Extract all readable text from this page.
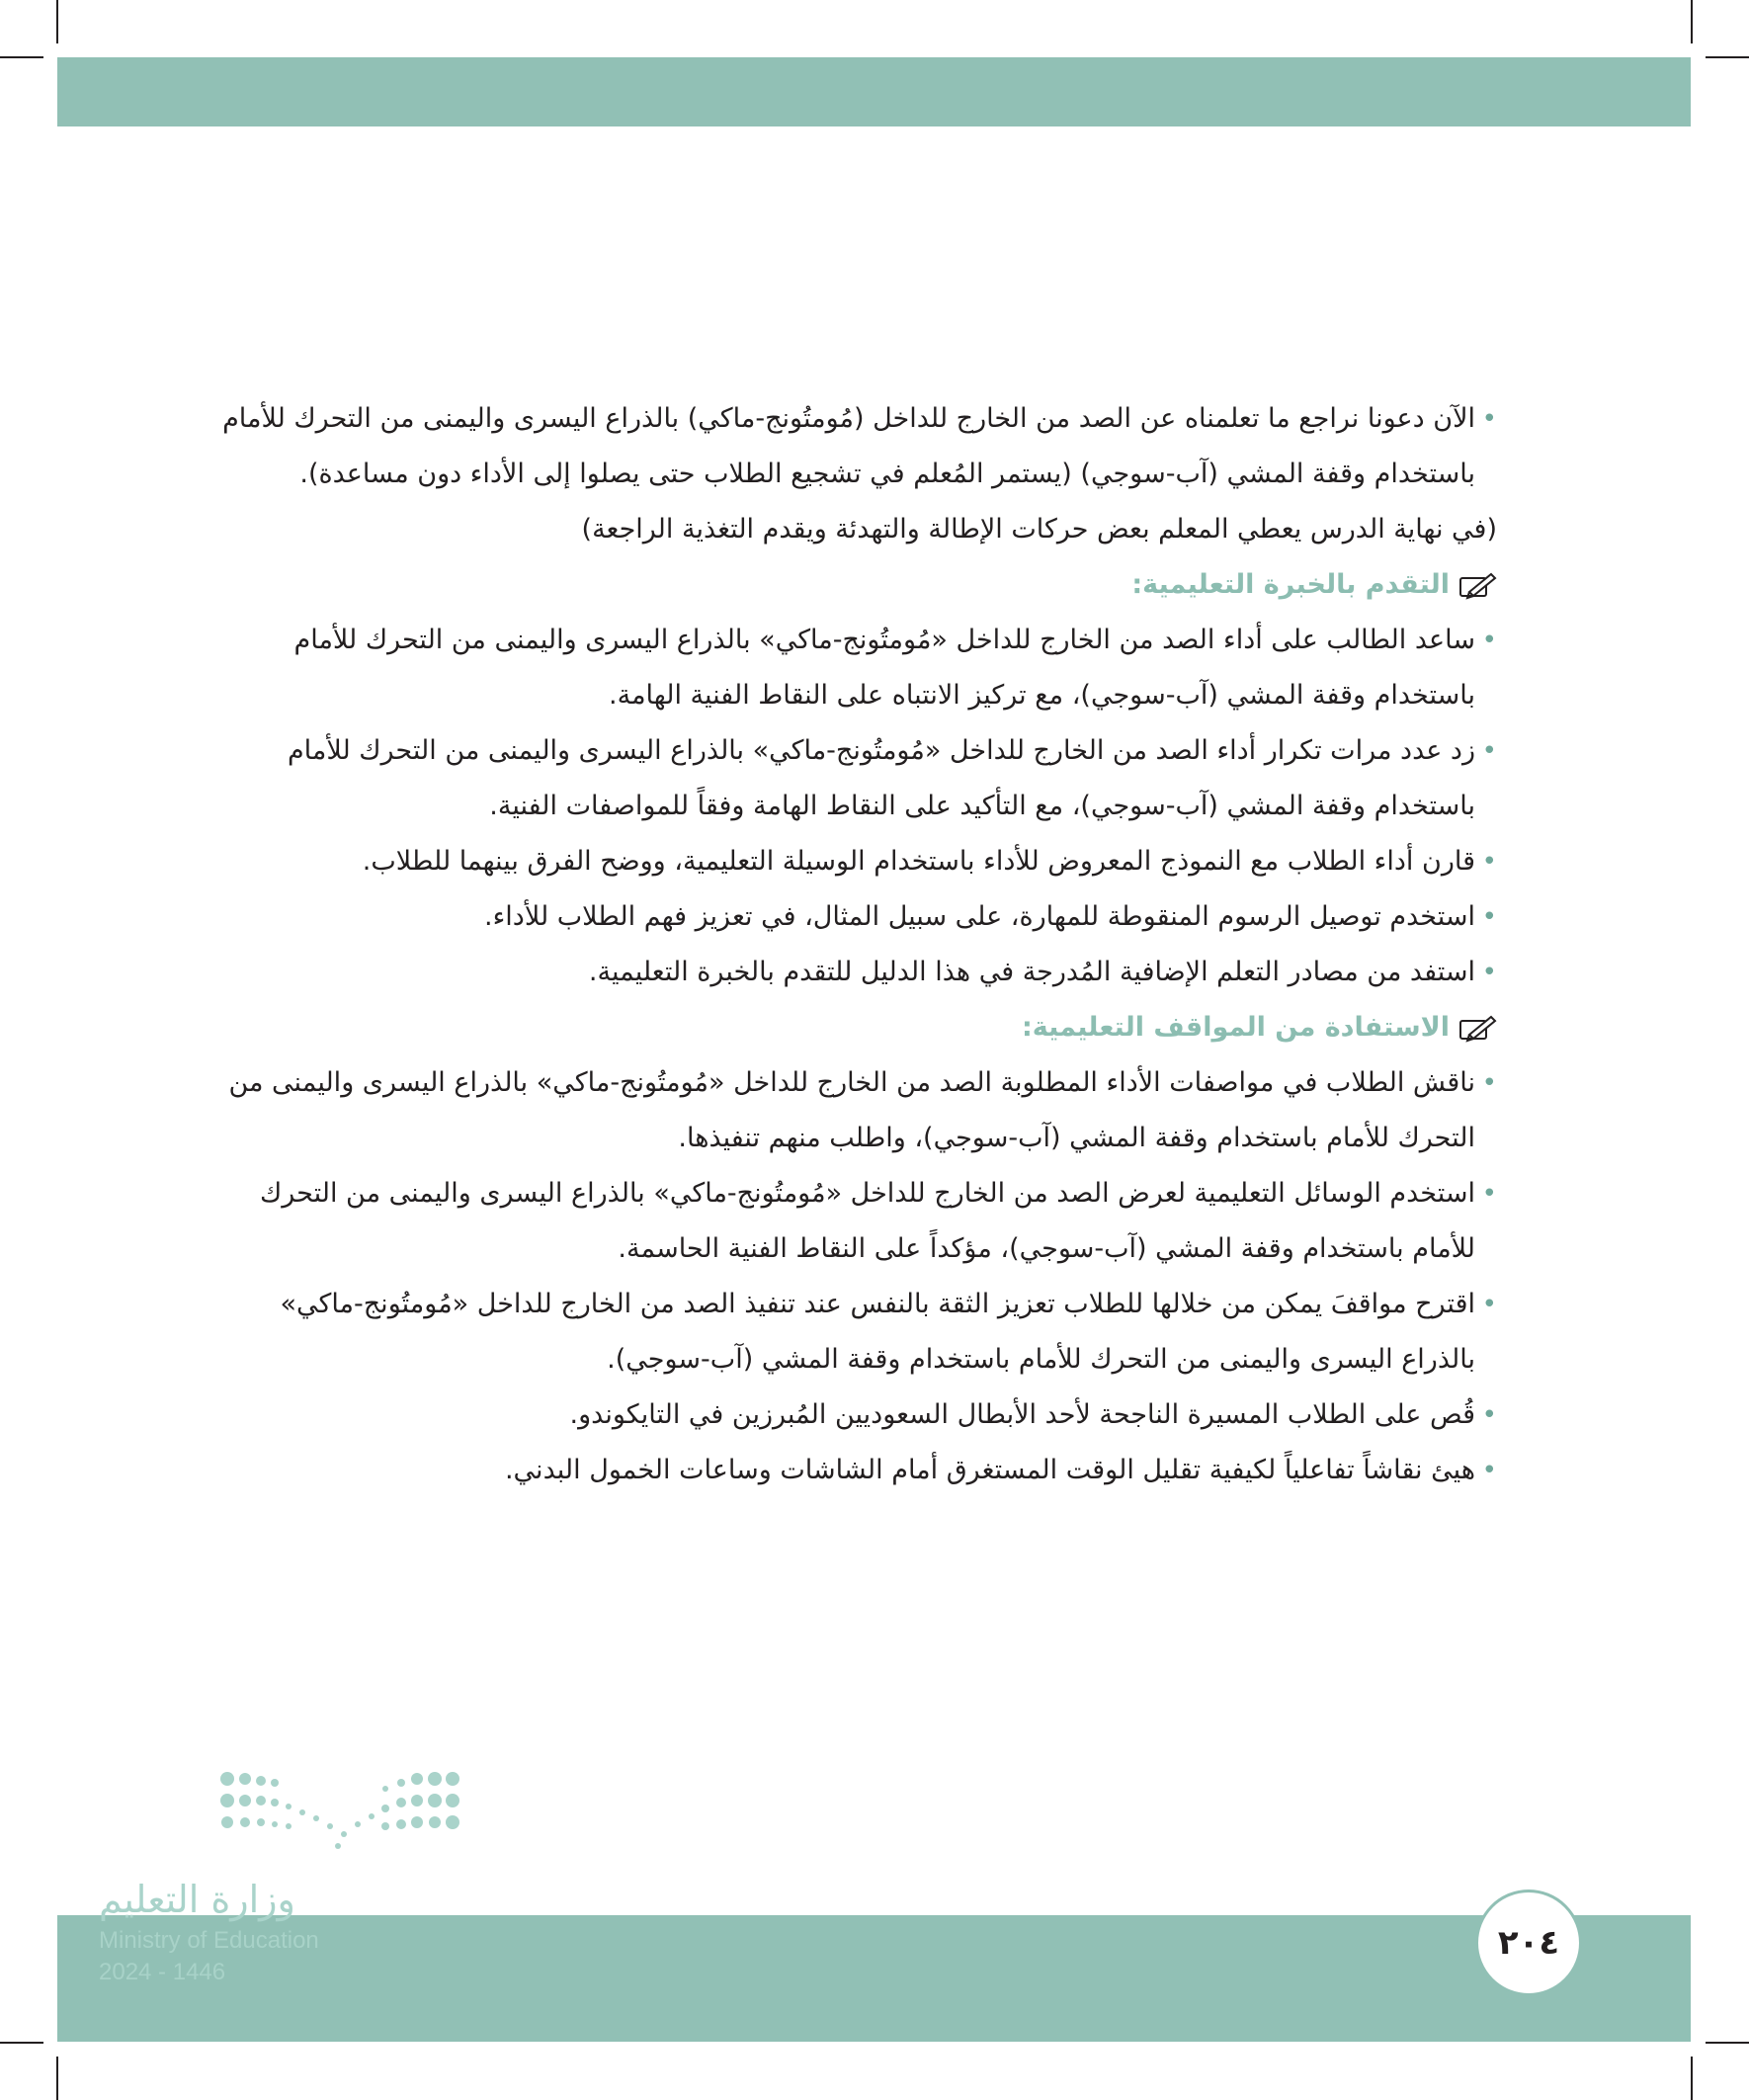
• الآن دعونا نراجع ما تعلمناه عن الصد من الخارج للداخل (مُومتُونج-ماكي) بالذراع اليسرى واليمنى من التحرك للأمام باستخدام وقفة المشي (آب-سوجي) (يستمر المُعلم في تشجيع الطلاب حتى يصلوا إلى الأداء دون مساعدة).

(في نهاية الدرس يعطي المعلم بعض حركات الإطالة والتهدئة ويقدم التغذية الراجعة)

التقدم بالخبرة التعليمية:

• ساعد الطالب على أداء الصد من الخارج للداخل «مُومتُونج-ماكي» بالذراع اليسرى واليمنى من التحرك للأمام باستخدام وقفة المشي (آب-سوجي)، مع تركيز الانتباه على النقاط الفنية الهامة.

• زد عدد مرات تكرار أداء الصد من الخارج للداخل «مُومتُونج-ماكي» بالذراع اليسرى واليمنى من التحرك للأمام باستخدام وقفة المشي (آب-سوجي)، مع التأكيد على النقاط الهامة وفقاً للمواصفات الفنية.

• قارن أداء الطلاب مع النموذج المعروض للأداء باستخدام الوسيلة التعليمية، ووضح الفرق بينهما للطلاب.

• استخدم توصيل الرسوم المنقوطة للمهارة، على سبيل المثال، في تعزيز فهم الطلاب للأداء.

• استفد من مصادر التعلم الإضافية المُدرجة في هذا الدليل للتقدم بالخبرة التعليمية.

الاستفادة من المواقف التعليمية:

• ناقش الطلاب في مواصفات الأداء المطلوبة الصد من الخارج للداخل «مُومتُونج-ماكي» بالذراع اليسرى واليمنى من التحرك للأمام باستخدام وقفة المشي (آب-سوجي)، واطلب منهم تنفيذها.

• استخدم الوسائل التعليمية لعرض الصد من الخارج للداخل «مُومتُونج-ماكي» بالذراع اليسرى واليمنى من التحرك للأمام باستخدام وقفة المشي (آب-سوجي)، مؤكداً على النقاط الفنية الحاسمة.

• اقترح مواقفَ يمكن من خلالها للطلاب تعزيز الثقة بالنفس عند تنفيذ الصد من الخارج للداخل «مُومتُونج-ماكي» بالذراع اليسرى واليمنى من التحرك للأمام باستخدام وقفة المشي (آب-سوجي).

• قُص على الطلاب المسيرة الناجحة لأحد الأبطال السعوديين المُبرزين في التايكوندو.

• هيئ نقاشاً تفاعلياً لكيفية تقليل الوقت المستغرق أمام الشاشات وساعات الخمول البدني.

وزارة التعليم
Ministry of Education
2024 - 1446
٢٠٤
